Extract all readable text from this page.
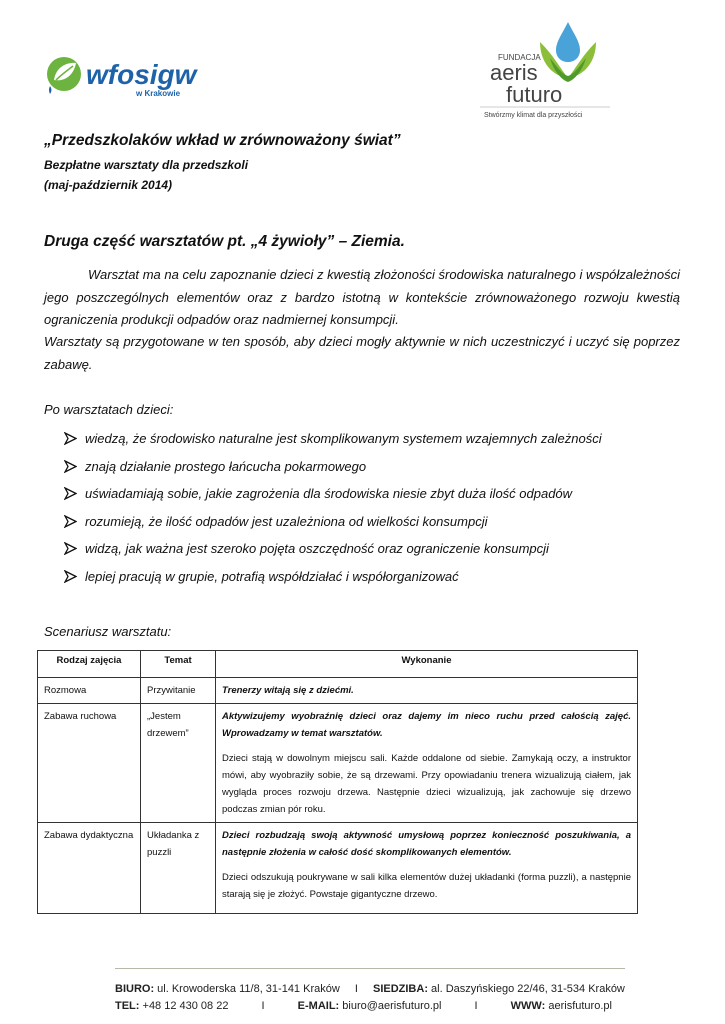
wfosigw
w Krakowie
FUNDACJA
aeris
futuro
Stwórzmy klimat dla przyszłości
„Przedszkolaków wkład w zrównoważony świat”
Bezpłatne warsztaty dla przedszkoli
(maj-październik 2014)
Druga część warsztatów pt. „4 żywioły” – Ziemia.
Warsztat ma na celu zapoznanie dzieci z kwestią złożoności środowiska naturalnego i współzależności jego poszczególnych elementów oraz z bardzo istotną w kontekście zrównoważonego rozwoju kwestią ograniczenia produkcji odpadów oraz nadmiernej konsumpcji.
Warsztaty są przygotowane w ten sposób, aby dzieci mogły aktywnie w nich uczestniczyć i uczyć się poprzez zabawę.
Po warsztatach dzieci:
wiedzą, że środowisko naturalne jest skomplikowanym systemem wzajemnych zależności
znają działanie prostego łańcucha pokarmowego
uświadamiają sobie, jakie zagrożenia dla środowiska niesie zbyt duża ilość odpadów
rozumieją, że ilość odpadów jest uzależniona od wielkości konsumpcji
widzą, jak ważna jest szeroko pojęta oszczędność oraz ograniczenie konsumpcji
lepiej pracują w grupie, potrafią współdziałać i współorganizować
Scenariusz warsztatu:
Rodzaj zajęcia	Temat	Wykonanie
Rozmowa	Przywitanie	Trenerzy witają się z dziećmi.

Zabawa ruchowa	„Jestem drzewem”	Aktywizujemy wyobraźnię dzieci oraz dajemy im nieco ruchu przed całością zajęć. Wprowadzamy w temat warsztatów.
Dzieci stają w dowolnym miejscu sali. Każde oddalone od siebie. Zamykają oczy, a instruktor mówi, aby wyobraziły sobie, że są drzewami. Przy opowiadaniu trenera wizualizują ciałem, jak wygląda proces rozwoju drzewa. Następnie dzieci wizualizują, jak zachowuje się drzewo podczas zmian pór roku.

Zabawa dydaktyczna	Układanka z puzzli	Dzieci rozbudzają swoją aktywność umysłową poprzez konieczność poszukiwania, a następnie złożenia w całość dość skomplikowanych elementów.
Dzieci odszukują poukrywane w sali kilka elementów dużej układanki (forma puzzli), a następnie starają się je złożyć. Powstaje gigantyczne drzewo.
BIURO: ul. Krowoderska 11/8, 31-141 Kraków I SIEDZIBA: al. Daszyńskiego 22/46, 31-534 Kraków
TEL: +48 12 430 08 22	I	E-MAIL: biuro@aerisfuturo.pl	I	WWW: aerisfuturo.pl
